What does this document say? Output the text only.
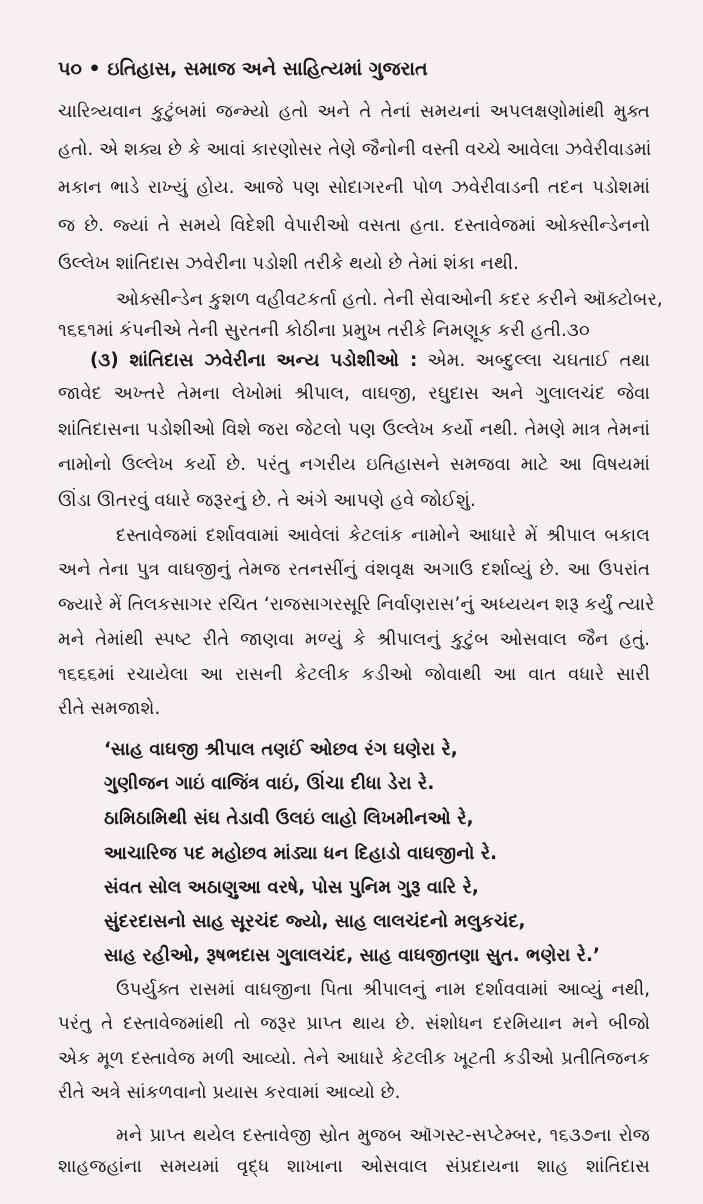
૫૦ • ઇતિહાસ, સમાજ અને સાહિત્યમાં ગુજરાત
ચારિત્ર્યવાન કુટુંબમાં જન્મ્યો હતો અને તે તેનાં સમયનાં અપલક્ષણોમાંથી મુક્ત
હતો. એ શક્ય છે કે આવાં કારણોસર તેણે જૈનોની વસ્તી વચ્ચે આવેલા ઝવેરીવાડમાં
મકાન ભાડે રાખ્યું હોય. આજે પણ સોદાગરની પોળ ઝવેરીવાડની તદન પડોશમાં
જ છે. જ્યાં તે સમયે વિદેશી વેપારીઓ વસતા હતા. દસ્તાવેજમાં ઓક્સીન્ડેનનો
ઉલ્લેખ શાંતિદાસ ઝવેરીના પડોશી તરીકે થયો છે તેમાં શંકા નથી.
ઓક્સીન્ડેન કુશળ વહીવટકર્તા હતો. તેની સેવાઓની કદર કરીને ઑક્ટોબર,
૧૬૬૧માં કંપનીએ તેની સુરતની કોઠીના પ્રમુખ તરીકે નિમણૂક કરી હતી.૩૦
(૩) શાંતિદાસ ઝવેરીના અન્ય પડોશીઓ : એમ. અબ્દુલ્લા ચઘતાઈ તથા
જાવેદ અખ્તરે તેમના લેખોમાં શ્રીપાલ, વાઘજી, રઘુદાસ અને ગુલાલચંદ જેવા
શાંતિદાસના પડોશીઓ વિશે જરા જેટલો પણ ઉલ્લેખ કર્યો નથી. તેમણે માત્ર તેમનાં
નામોનો ઉલ્લેખ કર્યો છે. પરંતુ નગરીય ઇતિહાસને સમજવા માટે આ વિષયમાં
ઊંડા ઊતરવું વધારે જરૂરનું છે. તે અંગે આપણે હવે જોઈશું.
દસ્તાવેજમાં દર્શાવવામાં આવેલાં કેટલાંક નામોને આધારે મેં શ્રીપાલ બકાલ
અને તેના પુત્ર વાઘજીનું તેમજ રતનસીંનું વંશવૃક્ષ અગાઉ દર્શાવ્યું છે. આ ઉપરાંત
જ્યારે મેં તિલકસાગર રચિત ‘રાજસાગરસૂરિ નિર્વાણરાસ’નું અધ્યયન શરૂ કર્યું ત્યારે
મને તેમાંથી સ્પષ્ટ રીતે જાણવા મળ્યું કે શ્રીપાલનું કુટુંબ ઓસવાલ જૈન હતું.
૧૬૬૬માં રચાયેલા આ રાસની કેટલીક કડીઓ જોવાથી આ વાત વધારે સારી
રીતે સમજાશે.
‘સાહ વાઘજી શ્રીપાલ તણઈં ઓછવ રંગ ઘણેરા રે,
ગુણીજન ગાઇં વાજિંત્ર વાઇં, ઊંચા દીધા ડેરા રે.
ઠામિઠામિથી સંઘ તેડાવી ઉલઇં લાહો લિખમીનઓ રે,
આચારિજ પદ મહોછવ માંડ્યા ધન દિહાડો વાઘજીનો રે.
સંવત સોલ અઠાણુઆ વરષે, પોસ પુનિમ ગુરૂ વારિ રે,
સુંદરદાસનો સાહ સૂરચંદ જ્યો, સાહ લાલચંદનો મલુકચંદ,
સાહ રહીઓ, રૂષભદાસ ગુલાલચંદ, સાહ વાઘજીતણા સુત. ભણેરા રે.’
ઉપર્યુક્ત રાસમાં વાઘજીના પિતા શ્રીપાલનું નામ દર્શાવવામાં આવ્યું નથી,
પરંતુ તે દસ્તાવેજમાંથી તો જરૂર પ્રાપ્ત થાય છે. સંશોધન દરમિયાન મને બીજો
એક મૂળ દસ્તાવેજ મળી આવ્યો. તેને આધારે કેટલીક ખૂટતી કડીઓ પ્રતીતિજનક
રીતે અત્રે સાંકળવાનો પ્રયાસ કરવામાં આવ્યો છે.
મને પ્રાપ્ત થયેલ દસ્તાવેજી સ્રોત મુજબ ઑગસ્ટ-સપ્ટેમ્બર, ૧૬૩૭ના રોજ
શાહજહાંના સમયમાં વૃદ્ધ શાખાના ઓસવાલ સંપ્રદાયના શાહ શાંતિદાસ
